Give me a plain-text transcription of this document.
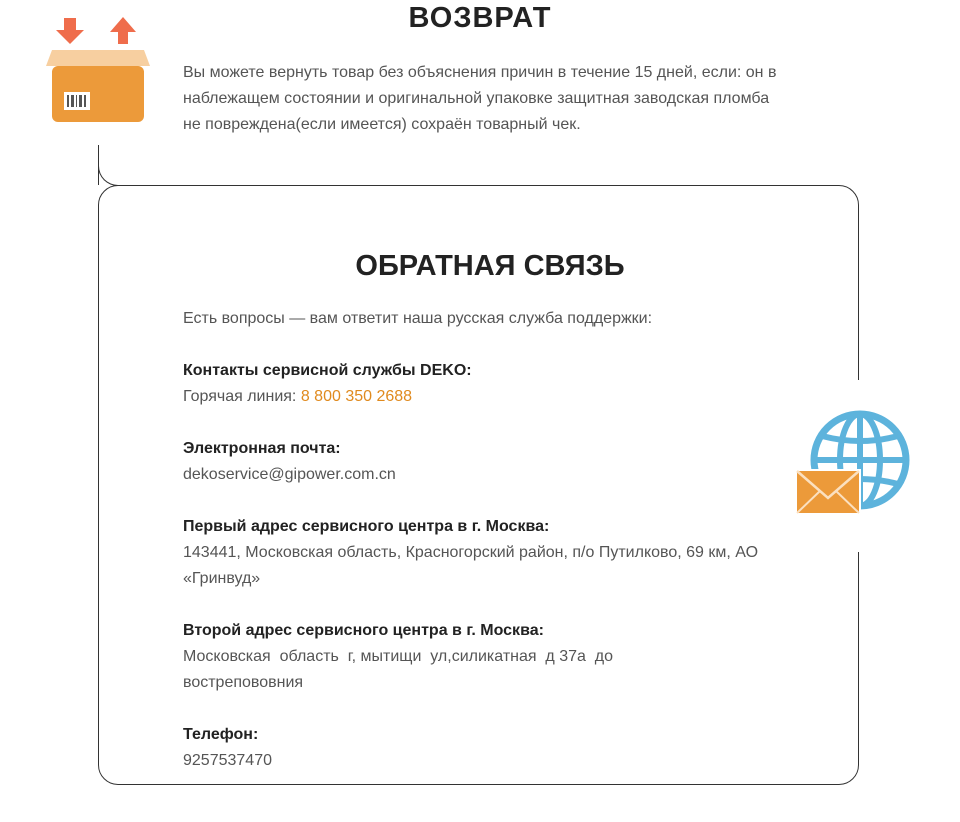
ВОЗВРАТ
Вы можете вернуть товар без объяснения причин в течение 15 дней, если: он в наблежащем состоянии и оригинальной упаковке защитная заводская пломба не повреждена(если имеется) сохраён товарный чек.
ОБРАТНАЯ СВЯЗЬ
Есть вопросы — вам ответит наша русская служба поддержки:
Контакты сервисной службы DEKO:
Горячая линия: 8 800 350 2688
Электронная почта:
dekoservice@gipower.com.cn
Первый адрес сервисного центра в г. Москва:
143441, Московская область, Красногорский район, п/о Путилково, 69 км, АО «Гринвуд»
Второй адрес сервисного центра в г. Москва:
Московская  область  г, мытищи  ул,силикатная  д 37а  до вострепововния
Телефон:
9257537470
